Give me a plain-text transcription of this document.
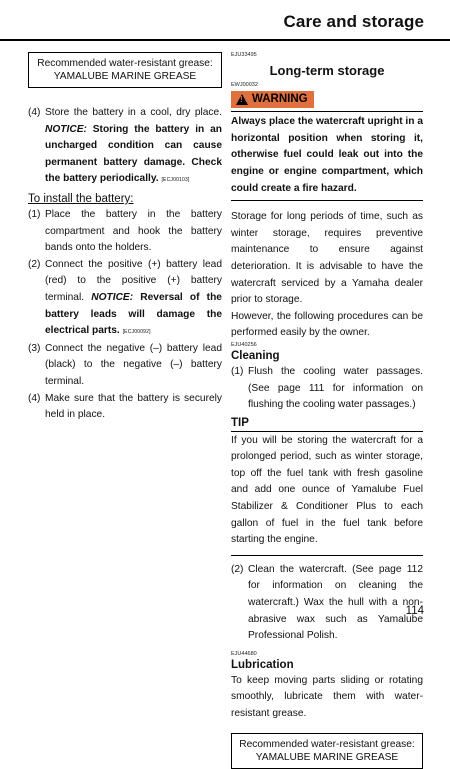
Care and storage
Recommended water-resistant grease:
YAMALUBE MARINE GREASE
(4) Store the battery in a cool, dry place. NOTICE: Storing the battery in an uncharged condition can cause permanent battery damage. Check the battery periodically. [ECJ00103]
To install the battery:
(1) Place the battery in the battery compartment and hook the battery bands onto the holders.
(2) Connect the positive (+) battery lead (red) to the positive (+) battery terminal. NOTICE: Reversal of the battery leads will damage the electrical parts. [ECJ00092]
(3) Connect the negative (–) battery lead (black) to the negative (–) battery terminal.
(4) Make sure that the battery is securely held in place.
EJU33495
Long-term storage
EWJ00032
!
WARNING
Always place the watercraft upright in a horizontal position when storing it, otherwise fuel could leak out into the engine or engine compartment, which could create a fire hazard.
Storage for long periods of time, such as winter storage, requires preventive maintenance to ensure against deterioration. It is advisable to have the watercraft serviced by a Yamaha dealer prior to storage.
However, the following procedures can be performed easily by the owner.
EJU40256
Cleaning
(1) Flush the cooling water passages. (See page 111 for information on flushing the cooling water passages.)
TIP
If you will be storing the watercraft for a prolonged period, such as winter storage, top off the fuel tank with fresh gasoline and add one ounce of Yamalube Fuel Stabilizer & Conditioner Plus to each gallon of fuel in the fuel tank before starting the engine.
(2) Clean the watercraft. (See page 112 for information on cleaning the watercraft.) Wax the hull with a non-abrasive wax such as Yamalube Professional Polish.
EJU44680
Lubrication
To keep moving parts sliding or rotating smoothly, lubricate them with water-resistant grease.
Recommended water-resistant grease:
YAMALUBE MARINE GREASE
114
